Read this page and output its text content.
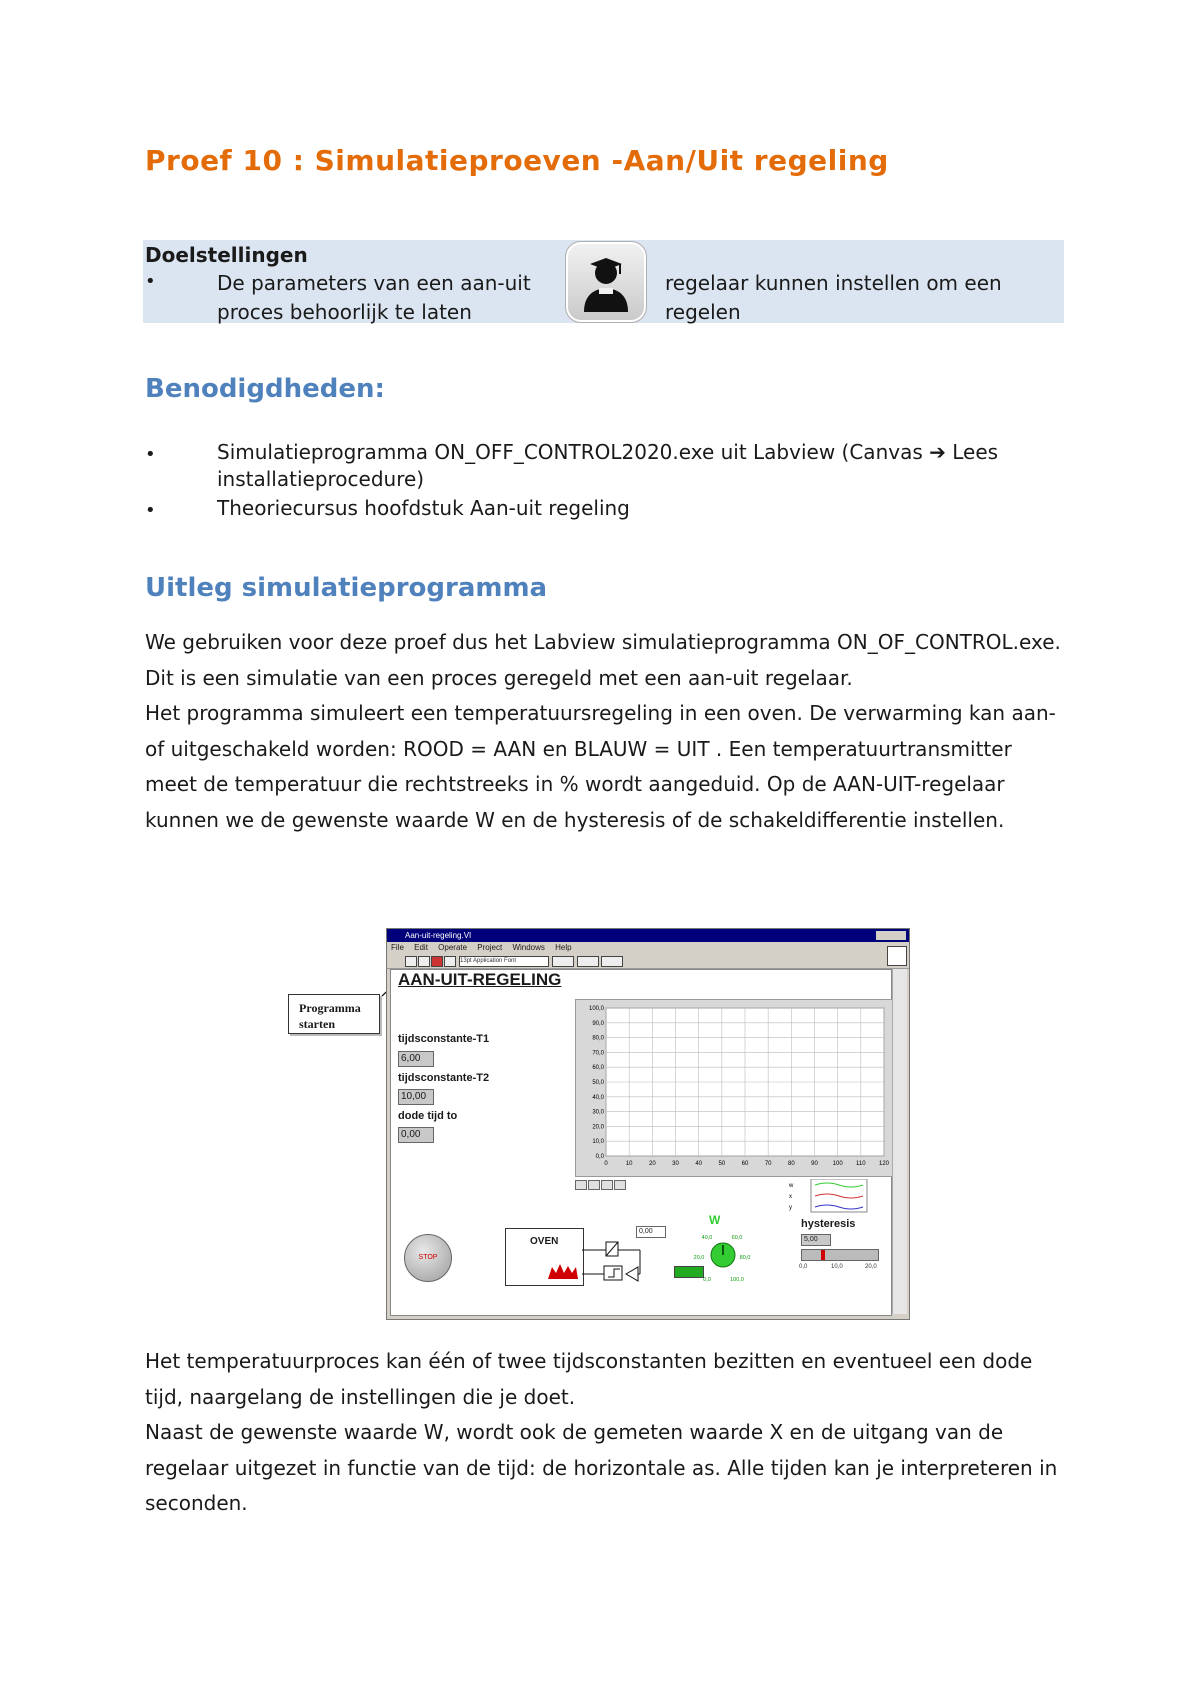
Proef 10 : Simulatieproeven -Aan/Uit regeling
Doelstellingen
•	De parameters van een aan-uit proces behoorlijk te laten
regelaar kunnen instellen om een regelen
Benodigdheden:
•	Simulatieprogramma ON_OFF_CONTROL2020.exe uit Labview (Canvas ➔ Lees installatieprocedure)
•	Theoriecursus hoofdstuk Aan-uit regeling
Uitleg simulatieprogramma
We gebruiken voor deze proef dus het Labview simulatieprogramma ON_OF_CONTROL.exe. Dit is een simulatie van een proces geregeld met een aan-uit regelaar.
Het programma simuleert een temperatuursregeling in een oven. De verwarming kan aan- of uitgeschakeld worden: ROOD = AAN en BLAUW = UIT . Een temperatuurtransmitter meet de temperatuur die rechtstreeks in % wordt aangeduid. Op de AAN-UIT-regelaar kunnen we de gewenste waarde W en de hysteresis of de schakeldifferentie instellen.
Programma
starten
Aan-uit-regeling.VI
File Edit Operate Project Windows Help
13pt Application Font
AAN-UIT-REGELING
tijdsconstante-T1
6,00
tijdsconstante-T2
10,00
dode tijd to
0,00
100,0
90,0
80,0
70,0
60,0
50,0
40,0
30,0
20,0
10,0
0,0
0	10	20	30	40	50	60	70	80	90 100 110 120
w
x
y
STOP
OVEN
0,00
W
20,0
40,0	60,0
80,0
0,0	100,0
hysteresis
5,00
0,0	10,0	20,0
Het temperatuurproces kan één of twee tijdsconstanten bezitten en eventueel een dode tijd, naargelang de instellingen die je doet.
Naast de gewenste waarde W, wordt ook de gemeten waarde X en de uitgang van de regelaar uitgezet in functie van de tijd: de horizontale as. Alle tijden kan je interpreteren in seconden.
